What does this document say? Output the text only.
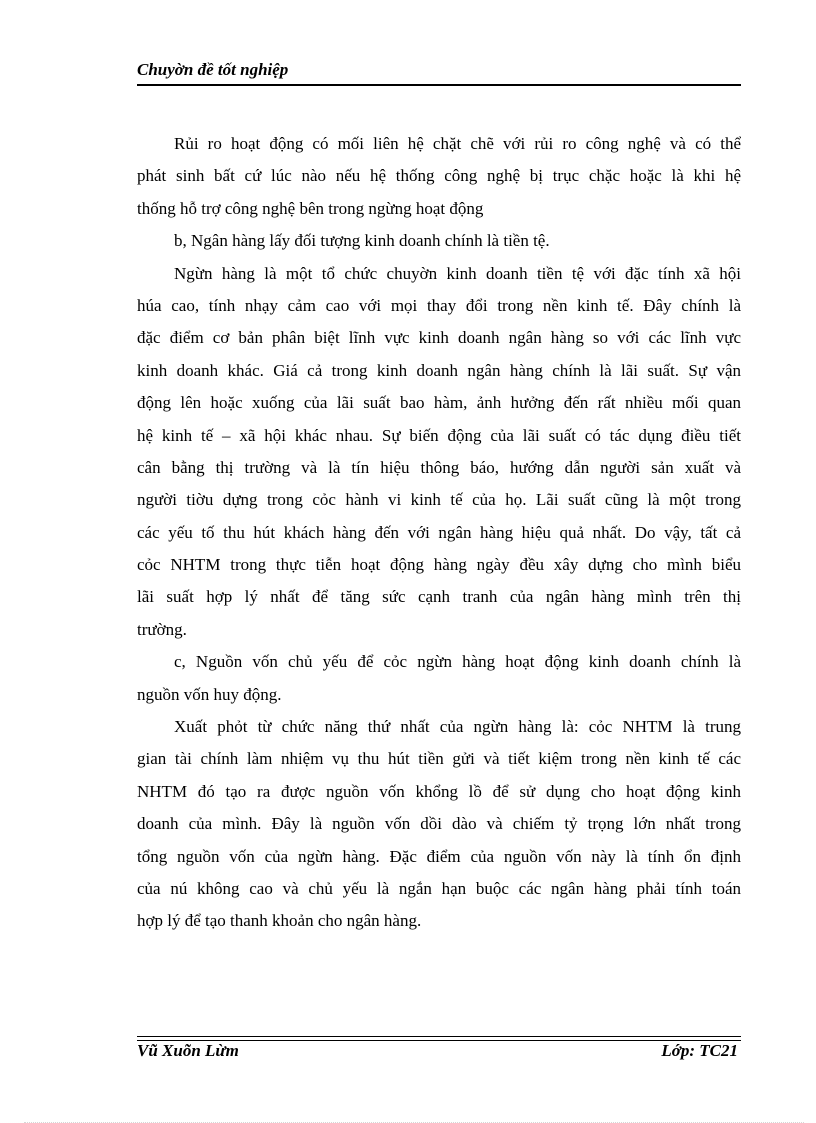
Chuyờn đề tốt nghiệp
Rủi ro hoạt động có mối liên hệ chặt chẽ với rủi ro công nghệ và có thể
phát sinh bất cứ lúc nào nếu hệ thống công nghệ bị trục chặc hoặc là khi hệ
thống hỗ trợ công nghệ bên trong ngừng hoạt động
b, Ngân hàng lấy đối tượng kinh doanh chính là tiền tệ.
Ngừn hàng là một tổ chức chuyờn kinh doanh tiền tệ với đặc tính xã hội
húa cao, tính nhạy cảm cao với mọi thay đổi trong nền kinh tế. Đây chính là
đặc điểm cơ bản phân biệt lĩnh vực kinh doanh ngân hàng so với các lĩnh vực
kinh doanh khác. Giá cả trong kinh doanh ngân hàng chính là lãi suất. Sự vận
động lên hoặc xuống của lãi suất bao hàm, ảnh hưởng đến rất nhiều mối quan
hệ kinh tế – xã hội khác nhau. Sự biến động của lãi suất có tác dụng điều tiết
cân bằng thị trường và là tín hiệu thông báo, hướng dẫn người sản xuất và
người tiờu dựng trong cỏc hành vi kinh tế của họ. Lãi suất cũng là một trong
các yếu tố thu hút khách hàng đến với ngân hàng hiệu quả nhất. Do vậy, tất cả
cỏc NHTM trong thực tiễn hoạt động hàng ngày đều xây dựng cho mình biểu
lãi suất hợp lý nhất để tăng sức cạnh tranh của ngân hàng mình trên thị
trường.
c, Nguồn vốn chủ yếu để cỏc ngừn hàng hoạt động kinh doanh chính là
nguồn vốn huy động.
Xuất phỏt từ chức năng thứ nhất của ngừn hàng là: cỏc NHTM là trung
gian tài chính làm nhiệm vụ thu hút tiền gửi và tiết kiệm trong nền kinh tế các
NHTM đó tạo ra được nguồn vốn khổng lồ để sử dụng cho hoạt động kinh
doanh của mình. Đây là nguồn vốn dồi dào và chiếm tỷ trọng lớn nhất trong
tổng nguồn vốn của ngừn hàng. Đặc điểm của nguồn vốn này là tính ổn định
của nú không cao và chủ yếu là ngắn hạn buộc các ngân hàng phải tính toán
hợp lý để tạo thanh khoản cho ngân hàng.
Vũ Xuõn Lừm	Lớp: TC21
